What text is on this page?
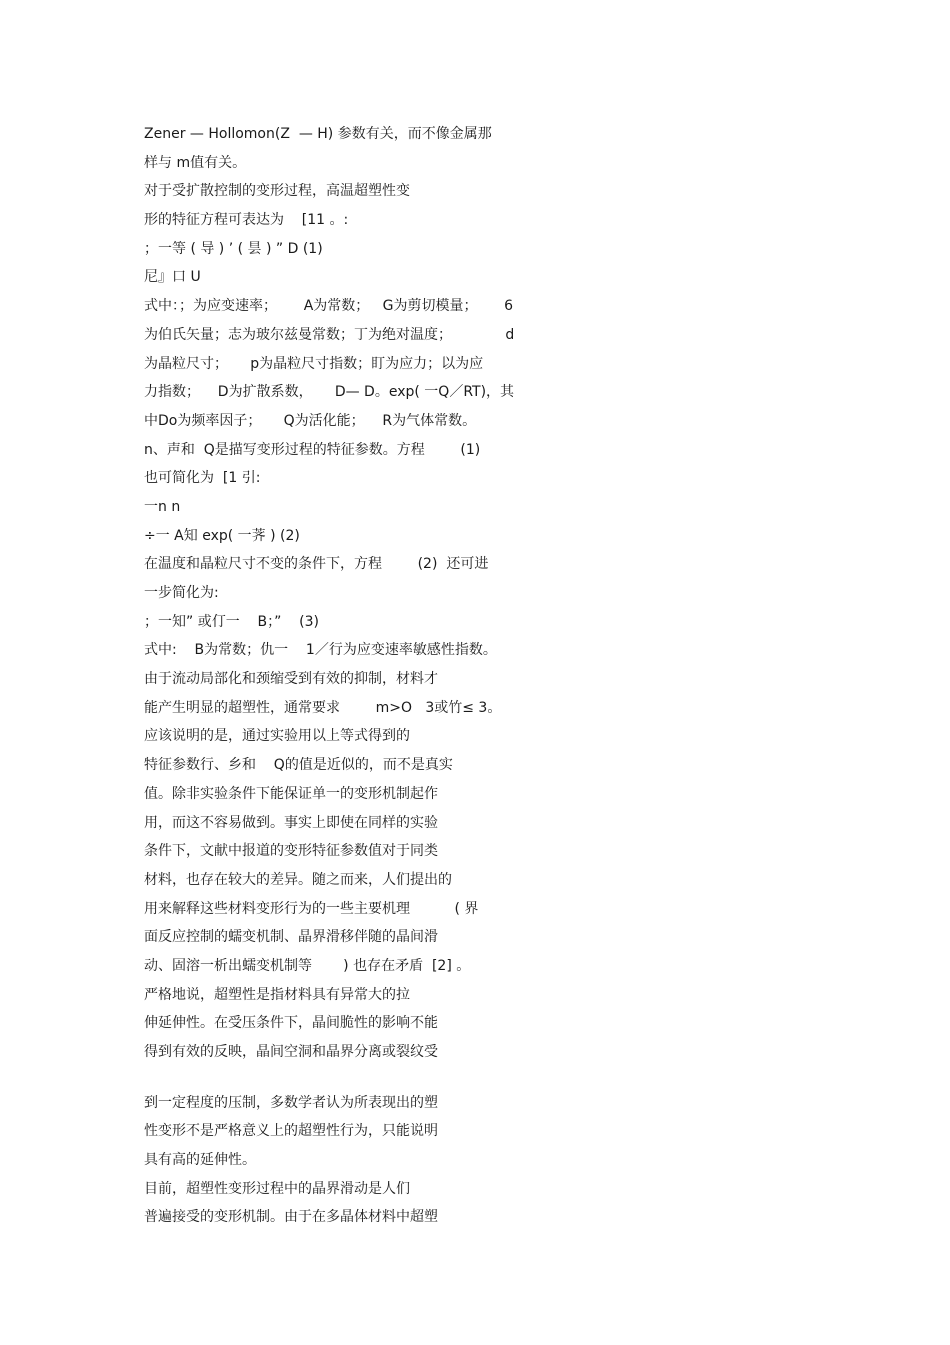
Zener — Hollomon(Z  — H) 参数有关，而不像金属那
样与 m值有关。
对于受扩散控制的变形过程，高温超塑性变
形的特征方程可表达为    [11 。:
；一等 ( 导 ) ’ ( 昙 ) ” D (1)
尼』口 U
式中：；为应变速率；      A为常数；   G为剪切模量；      6
为伯氏矢量；志为玻尔兹曼常数；丁为绝对温度；            d
为晶粒尺寸；     p为晶粒尺寸指数；盯为应力；以为应
力指数；    D为扩散系数，     D— D。exp( 一Q／RT)，其
中Do为频率因子；     Q为活化能；    R为气体常数。
n、声和  Q是描写变形过程的特征参数。方程        (1)
也可简化为  [1 引:
一n n
÷一 A知 exp( 一荠 ) (2)
在温度和晶粒尺寸不变的条件下，方程        (2)  还可进
一步简化为:
；一知” 或仃一    B；”    (3)
式中:    B为常数；仇一    1／行为应变速率敏感性指数。
由于流动局部化和颈缩受到有效的抑制，材料才
能产生明显的超塑性，通常要求        m>O   3或竹≤ 3。
应该说明的是，通过实验用以上等式得到的
特征参数行、乡和    Q的值是近似的，而不是真实
值。除非实验条件下能保证单一的变形机制起作
用，而这不容易做到。事实上即使在同样的实验
条件下，文献中报道的变形特征参数值对于同类
材料，也存在较大的差异。随之而来，人们提出的
用来解释这些材料变形行为的一些主要机理          ( 界
面反应控制的蠕变机制、晶界滑移伴随的晶间滑
动、固溶一析出蠕变机制等       ) 也存在矛盾  [2] 。
严格地说，超塑性是指材料具有异常大的拉
伸延伸性。在受压条件下，晶间脆性的影响不能
得到有效的反映，晶间空洞和晶界分离或裂纹受
到一定程度的压制，多数学者认为所表现出的塑
性变形不是严格意义上的超塑性行为，只能说明
具有高的延伸性。
目前，超塑性变形过程中的晶界滑动是人们
普遍接受的变形机制。由于在多晶体材料中超塑
